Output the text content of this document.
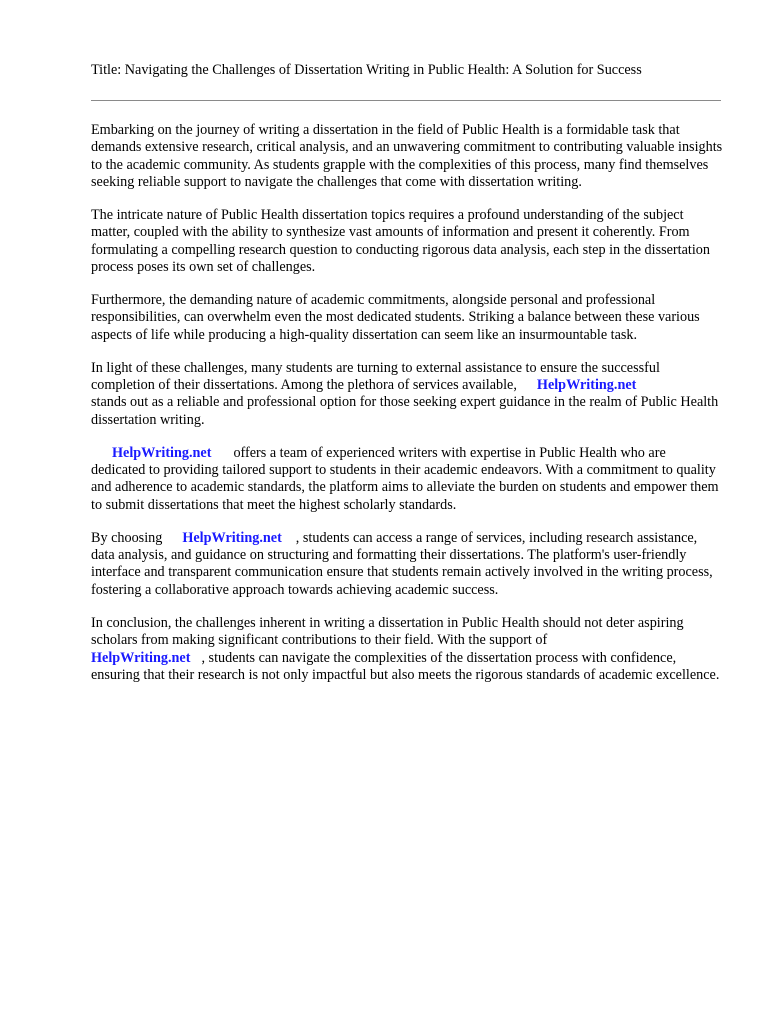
Title: Navigating the Challenges of Dissertation Writing in Public Health: A Solution for Success

Embarking on the journey of writing a dissertation in the field of Public Health is a formidable task that demands extensive research, critical analysis, and an unwavering commitment to contributing valuable insights to the academic community. As students grapple with the complexities of this process, many find themselves seeking reliable support to navigate the challenges that come with dissertation writing.

The intricate nature of Public Health dissertation topics requires a profound understanding of the subject matter, coupled with the ability to synthesize vast amounts of information and present it coherently. From formulating a compelling research question to conducting rigorous data analysis, each step in the dissertation process poses its own set of challenges.

Furthermore, the demanding nature of academic commitments, alongside personal and professional responsibilities, can overwhelm even the most dedicated students. Striking a balance between these various aspects of life while producing a high-quality dissertation can seem like an insurmountable task.

In light of these challenges, many students are turning to external assistance to ensure the successful completion of their dissertations. Among the plethora of services available, HelpWriting.net
stands out as a reliable and professional option for those seeking expert guidance in the realm of Public Health dissertation writing.

HelpWriting.net offers a team of experienced writers with expertise in Public Health who are dedicated to providing tailored support to students in their academic endeavors. With a commitment to quality and adherence to academic standards, the platform aims to alleviate the burden on students and empower them to submit dissertations that meet the highest scholarly standards.

By choosing HelpWriting.net , students can access a range of services, including research assistance, data analysis, and guidance on structuring and formatting their dissertations. The platform's user-friendly interface and transparent communication ensure that students remain actively involved in the writing process, fostering a collaborative approach towards achieving academic success.

In conclusion, the challenges inherent in writing a dissertation in Public Health should not deter aspiring scholars from making significant contributions to their field. With the support of
HelpWriting.net , students can navigate the complexities of the dissertation process with confidence, ensuring that their research is not only impactful but also meets the rigorous standards of academic excellence.
